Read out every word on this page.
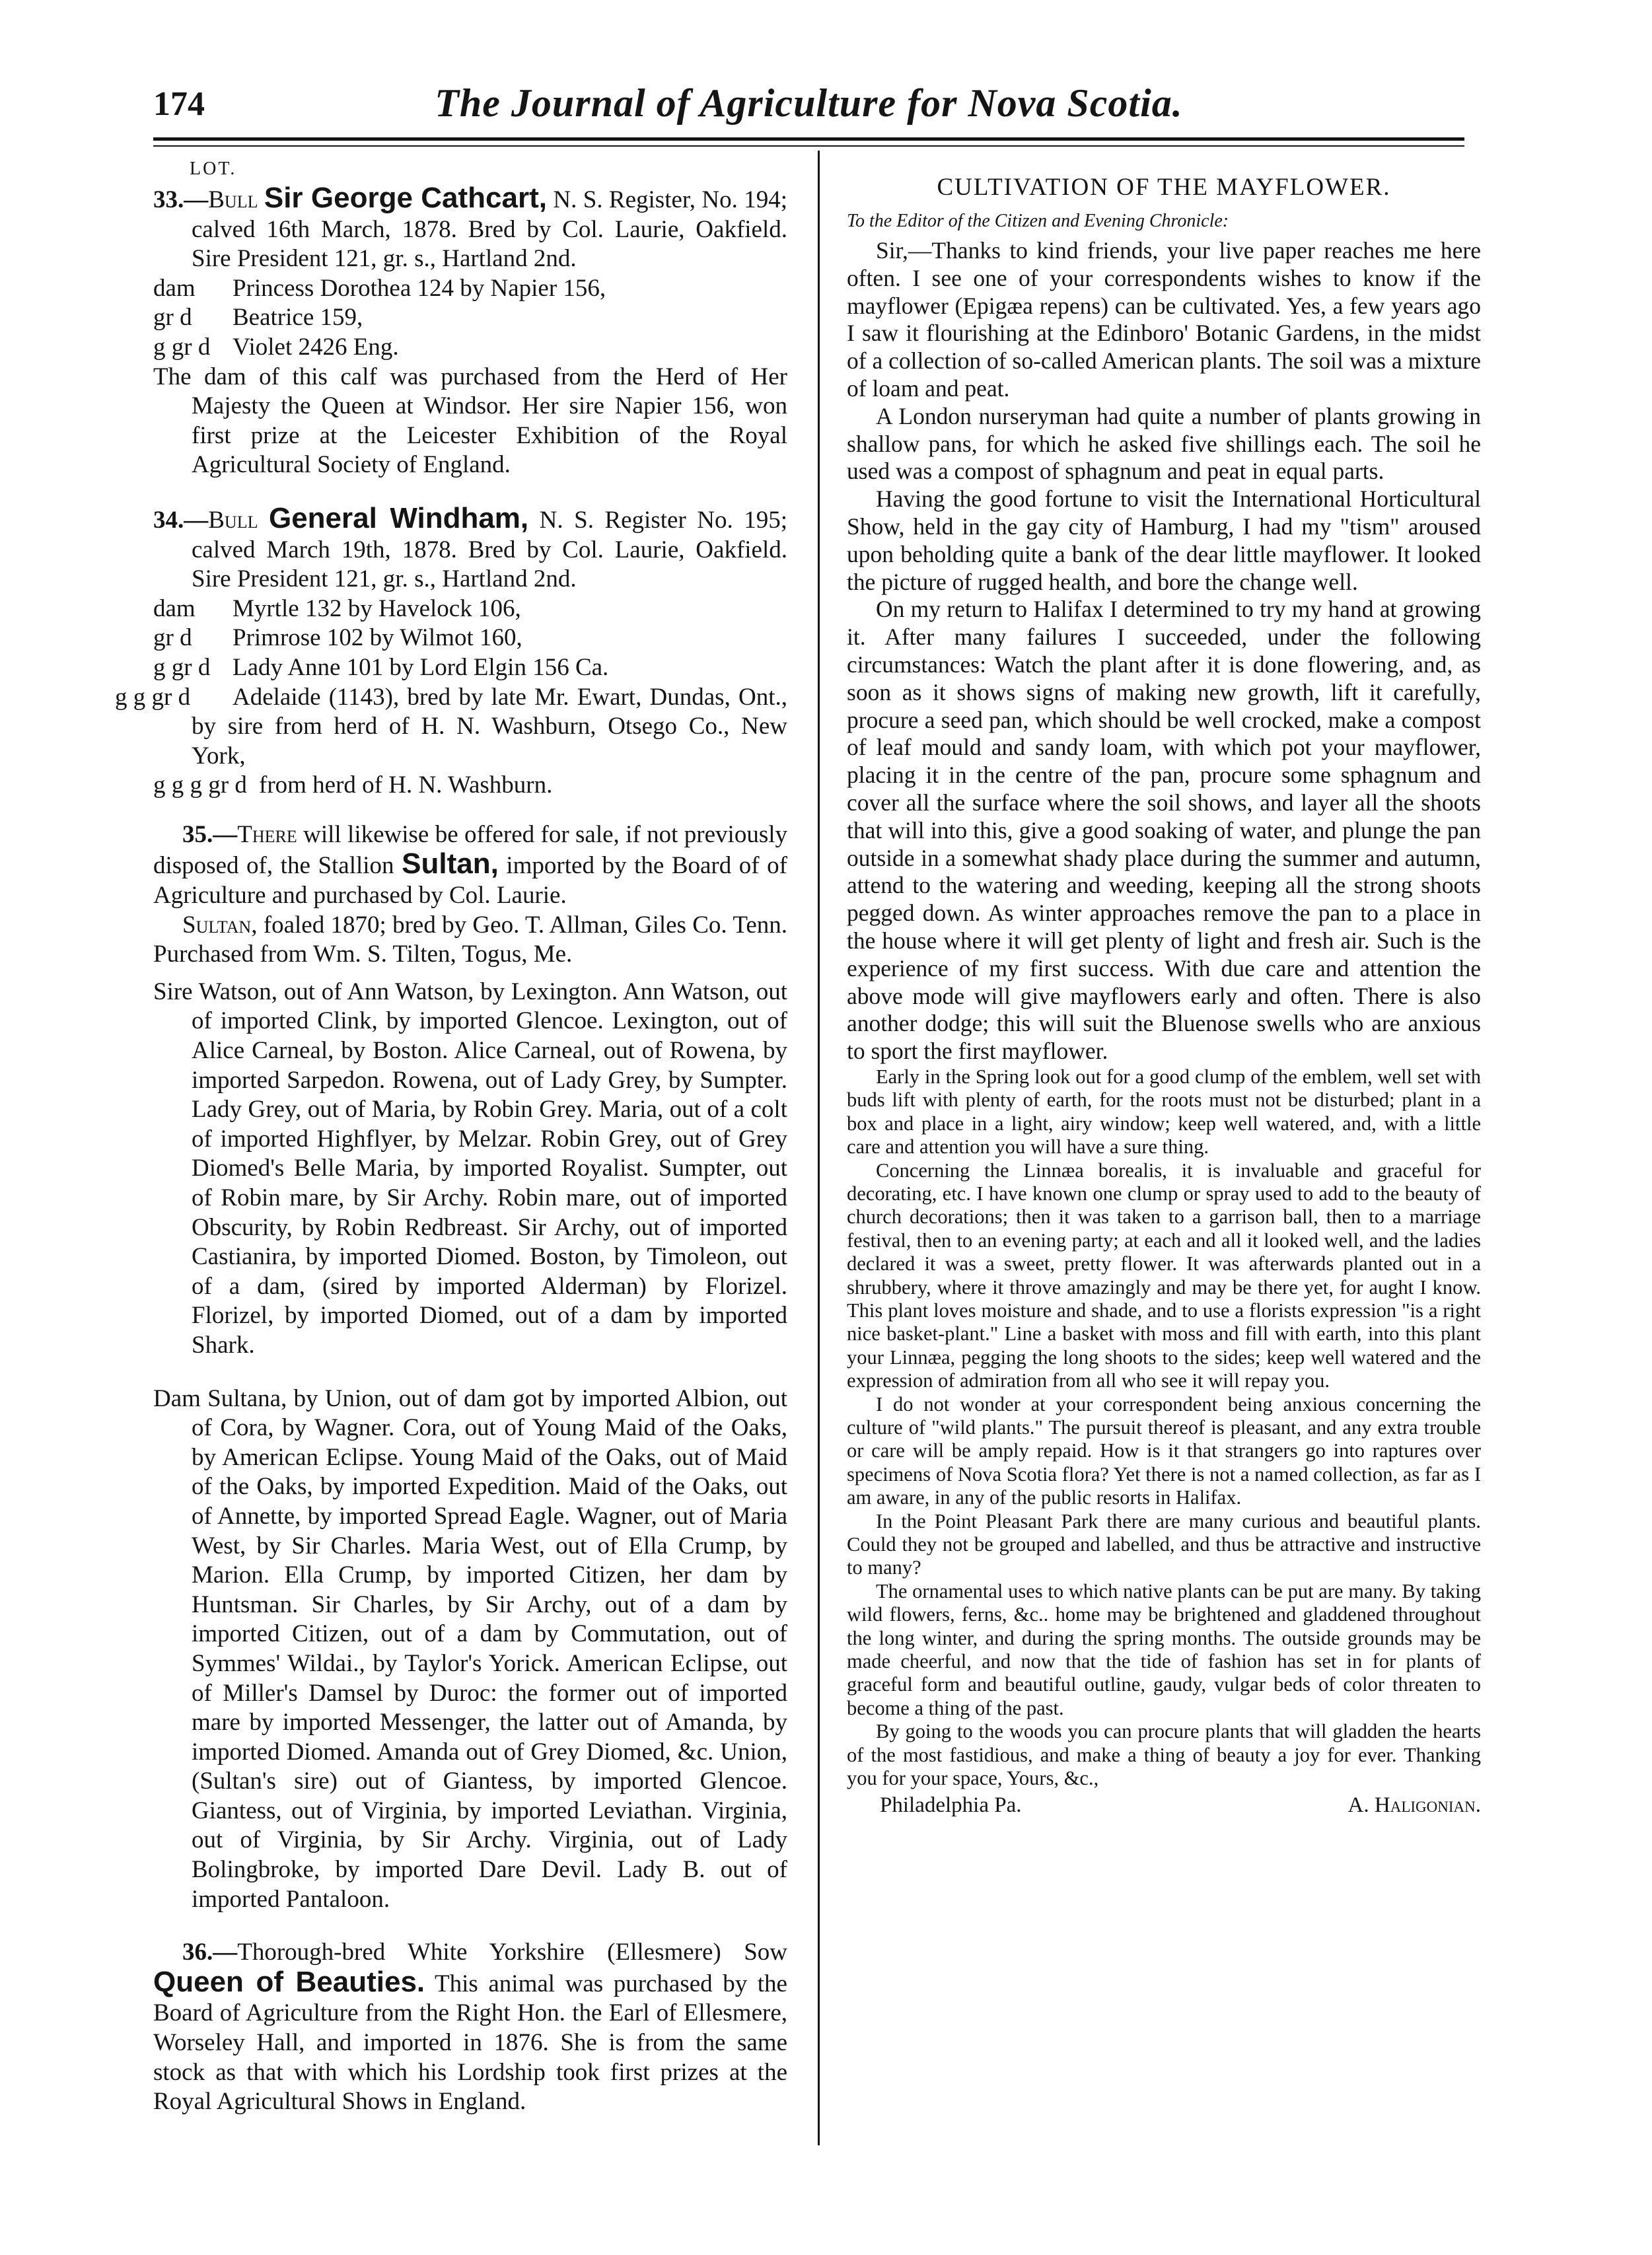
174	The Journal of Agriculture for Nova Scotia.
LOT.

33.—Bull Sir George Cathcart, N. S. Register, No. 194; calved 16th March, 1878. Bred by Col. Laurie, Oakfield. Sire President 121, gr. s., Hartland 2nd.

dam Princess Dorothea 124 by Napier 156,

gr d Beatrice 159,

g gr d Violet 2426 Eng.

The dam of this calf was purchased from the Herd of Her Majesty the Queen at Windsor. Her sire Napier 156, won first prize at the Leicester Exhibition of the Royal Agricultural Society of England.

34.—Bull General Windham, N. S. Register No. 195; calved March 19th, 1878. Bred by Col. Laurie, Oakfield. Sire President 121, gr. s., Hartland 2nd.

dam Myrtle 132 by Havelock 106,

gr d Primrose 102 by Wilmot 160,

g gr d Lady Anne 101 by Lord Elgin 156 Ca.

g g gr d Adelaide (1143), bred by late Mr. Ewart, Dundas, Ont., by sire from herd of H. N. Washburn, Otsego Co., New York,

g g g gr d from herd of H. N. Washburn.

35.—There will likewise be offered for sale, if not previously disposed of, the Stallion Sultan, imported by the Board of of Agriculture and purchased by Col. Laurie.

Sultan, foaled 1870; bred by Geo. T. Allman, Giles Co. Tenn. Purchased from Wm. S. Tilten, Togus, Me.

Sire Watson, out of Ann Watson, by Lexington. Ann Watson, out of imported Clink, by imported Glencoe. Lexington, out of Alice Carneal, by Boston. Alice Carneal, out of Rowena, by imported Sarpedon. Rowena, out of Lady Grey, by Sumpter. Lady Grey, out of Maria, by Robin Grey. Maria, out of a colt of imported Highflyer, by Melzar. Robin Grey, out of Grey Diomed's Belle Maria, by imported Royalist. Sumpter, out of Robin mare, by Sir Archy. Robin mare, out of imported Obscurity, by Robin Redbreast. Sir Archy, out of imported Castianira, by imported Diomed. Boston, by Timoleon, out of a dam, (sired by imported Alderman) by Florizel. Florizel, by imported Diomed, out of a dam by imported Shark.

Dam Sultana, by Union, out of dam got by imported Albion, out of Cora, by Wagner. Cora, out of Young Maid of the Oaks, by American Eclipse. Young Maid of the Oaks, out of Maid of the Oaks, by imported Expedition. Maid of the Oaks, out of Annette, by imported Spread Eagle. Wagner, out of Maria West, by Sir Charles. Maria West, out of Ella Crump, by Marion. Ella Crump, by imported Citizen, her dam by Huntsman. Sir Charles, by Sir Archy, out of a dam by imported Citizen, out of a dam by Commutation, out of Symmes' Wildai., by Taylor's Yorick. American Eclipse, out of Miller's Damsel by Duroc: the former out of imported mare by imported Messenger, the latter out of Amanda, by imported Diomed. Amanda out of Grey Diomed, &c. Union, (Sultan's sire) out of Giantess, by imported Glencoe. Giantess, out of Virginia, by imported Leviathan. Virginia, out of Virginia, by Sir Archy. Virginia, out of Lady Bolingbroke, by imported Dare Devil. Lady B. out of imported Pantaloon.

36.—Thorough-bred White Yorkshire (Ellesmere) Sow Queen of Beauties. This animal was purchased by the Board of Agriculture from the Right Hon. the Earl of Ellesmere, Worseley Hall, and imported in 1876. She is from the same stock as that with which his Lordship took first prizes at the Royal Agricultural Shows in England.

CULTIVATION OF THE MAYFLOWER.
To the Editor of the Citizen and Evening Chronicle:

Sir,—Thanks to kind friends, your live paper reaches me here often. I see one of your correspondents wishes to know if the mayflower (Epigæa repens) can be cultivated. Yes, a few years ago I saw it flourishing at the Edinboro' Botanic Gardens, in the midst of a collection of so-called American plants. The soil was a mixture of loam and peat.

A London nurseryman had quite a number of plants growing in shallow pans, for which he asked five shillings each. The soil he used was a compost of sphagnum and peat in equal parts.

Having the good fortune to visit the International Horticultural Show, held in the gay city of Hamburg, I had my "tism" aroused upon beholding quite a bank of the dear little mayflower. It looked the picture of rugged health, and bore the change well.

On my return to Halifax I determined to try my hand at growing it. After many failures I succeeded, under the following circumstances: Watch the plant after it is done flowering, and, as soon as it shows signs of making new growth, lift it carefully, procure a seed pan, which should be well crocked, make a compost of leaf mould and sandy loam, with which pot your mayflower, placing it in the centre of the pan, procure some sphagnum and cover all the surface where the soil shows, and layer all the shoots that will into this, give a good soaking of water, and plunge the pan outside in a somewhat shady place during the summer and autumn, attend to the watering and weeding, keeping all the strong shoots pegged down. As winter approaches remove the pan to a place in the house where it will get plenty of light and fresh air. Such is the experience of my first success. With due care and attention the above mode will give mayflowers early and often. There is also another dodge; this will suit the Bluenose swells who are anxious to sport the first mayflower.

Early in the Spring look out for a good clump of the emblem, well set with buds lift with plenty of earth, for the roots must not be disturbed; plant in a box and place in a light, airy window; keep well watered, and, with a little care and attention you will have a sure thing.

Concerning the Linnæa borealis, it is invaluable and graceful for decorating, etc. I have known one clump or spray used to add to the beauty of church decorations; then it was taken to a garrison ball, then to a marriage festival, then to an evening party; at each and all it looked well, and the ladies declared it was a sweet, pretty flower. It was afterwards planted out in a shrubbery, where it throve amazingly and may be there yet, for aught I know. This plant loves moisture and shade, and to use a florists expression "is a right nice basket-plant." Line a basket with moss and fill with earth, into this plant your Linnæa, pegging the long shoots to the sides; keep well watered and the expression of admiration from all who see it will repay you.

I do not wonder at your correspondent being anxious concerning the culture of "wild plants." The pursuit thereof is pleasant, and any extra trouble or care will be amply repaid. How is it that strangers go into raptures over specimens of Nova Scotia flora? Yet there is not a named collection, as far as I am aware, in any of the public resorts in Halifax.

In the Point Pleasant Park there are many curious and beautiful plants. Could they not be grouped and labelled, and thus be attractive and instructive to many?

The ornamental uses to which native plants can be put are many. By taking wild flowers, ferns, &c.. home may be brightened and gladdened throughout the long winter, and during the spring months. The outside grounds may be made cheerful, and now that the tide of fashion has set in for plants of graceful form and beautiful outline, gaudy, vulgar beds of color threaten to become a thing of the past.

By going to the woods you can procure plants that will gladden the hearts of the most fastidious, and make a thing of beauty a joy for ever. Thanking you for your space, Yours, &c.,

Philadelphia Pa.	A. Haligonian.
